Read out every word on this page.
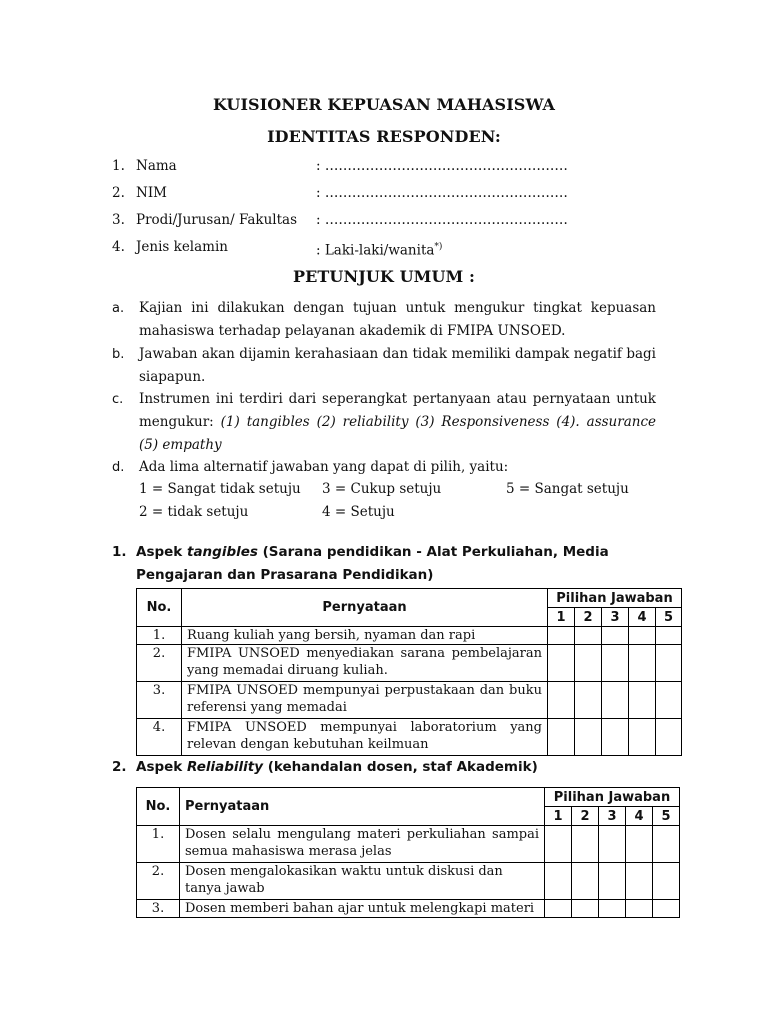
KUISIONER KEPUASAN MAHASISWA
IDENTITAS RESPONDEN:
1. Nama	: ………………………………………………
2. NIM	: ………………………………………………
3. Prodi/Jurusan/ Fakultas	: ………………………………………………
4. Jenis kelamin	: Laki-laki/wanita*)
PETUNJUK UMUM :
a. Kajian ini dilakukan dengan tujuan untuk mengukur tingkat kepuasan mahasiswa terhadap pelayanan akademik di FMIPA UNSOED.
b. Jawaban akan dijamin kerahasiaan dan tidak memiliki dampak negatif bagi siapapun.
c. Instrumen ini terdiri dari seperangkat pertanyaan atau pernyataan untuk mengukur: (1) tangibles (2) reliability (3) Responsiveness (4). assurance (5) empathy
d. Ada lima alternatif jawaban yang dapat di pilih, yaitu:
1 = Sangat tidak setuju
2 = tidak setuju
3 = Cukup setuju
4 = Setuju
5 = Sangat setuju
1. Aspek tangibles (Sarana pendidikan - Alat Perkuliahan, Media Pengajaran dan Prasarana Pendidikan)
No.	Pernyataan	Pilihan Jawaban				
		1	2	3	4	5
1.	Ruang kuliah yang bersih, nyaman dan rapi					
2.	FMIPA UNSOED menyediakan sarana pembelajaran yang memadai diruang kuliah.					
3.	FMIPA UNSOED mempunyai perpustakaan dan buku referensi yang memadai					
4.	FMIPA UNSOED mempunyai laboratorium yang relevan dengan kebutuhan keilmuan					
2. Aspek Reliability (kehandalan dosen, staf Akademik)
No.	Pernyataan	Pilihan Jawaban				
		1	2	3	4	5
1.	Dosen selalu mengulang materi perkuliahan sampai semua mahasiswa merasa jelas					
2.	Dosen mengalokasikan waktu untuk diskusi dan tanya jawab					
3.	Dosen memberi bahan ajar untuk melengkapi materi					
